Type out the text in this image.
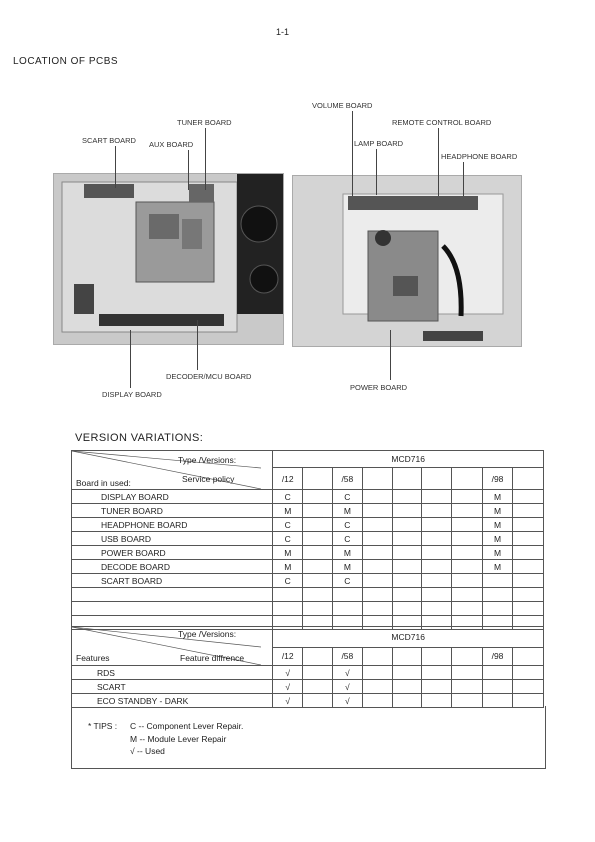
1-1
LOCATION OF PCBS
SCART BOARD AUX BOARD
TUNER BOARD
DECODER/MCU BOARD
DISPLAY BOARD
VOLUME BOARD
REMOTE CONTROL BOARD
LAMP BOARD
HEADPHONE BOARD
POWER BOARD
VERSION VARIATIONS:
Type /Versions:
Service policy
Board in used:	MCD716								
	/12		/58					/98	
DISPLAY BOARD	C		C					M	
TUNER BOARD	M		M					M	
HEADPHONE BOARD	C		C					M	
USB BOARD	C		C					M	
POWER BOARD	M		M					M	
DECODE BOARD	M		M					M	
SCART BOARD	C		C						

Type /Versions:
Feature diffrence
Features	MCD716								
	/12		/58					/98	
RDS	√		√						
SCART	√		√						
ECO STANDBY - DARK	√		√						
* TIPS : C -- Component Lever Repair.
M -- Module Lever Repair
√ -- Used
